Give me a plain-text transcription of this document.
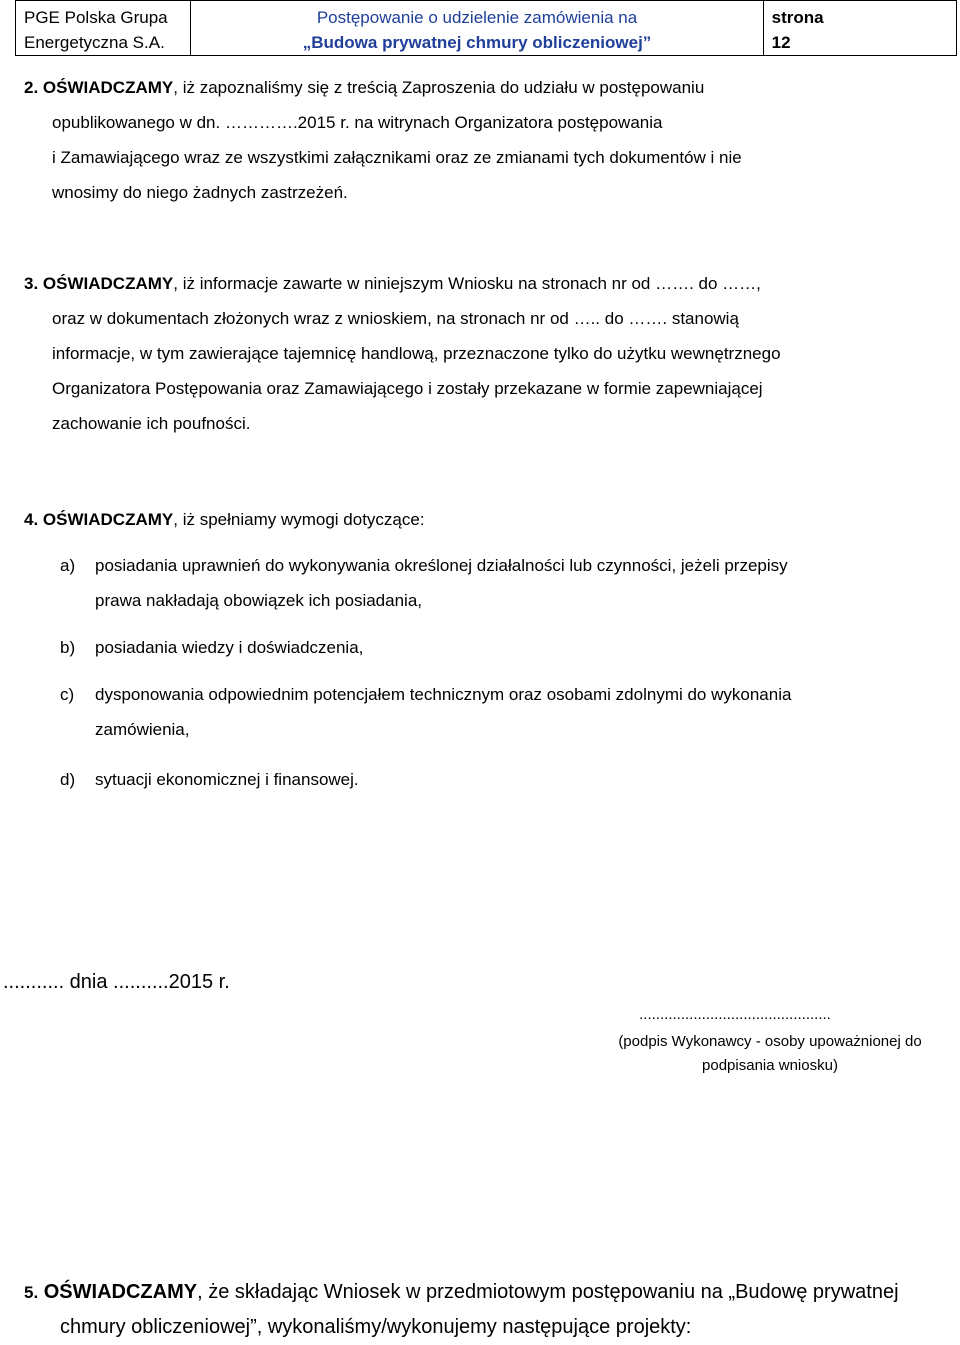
PGE Polska Grupa
Energetyczna S.A.

Postępowanie o udzielenie zamówienia na
„Budowa prywatnej chmury obliczeniowej”

strona
12
2. OŚWIADCZAMY, iż zapoznaliśmy się z treścią Zaproszenia do udziału w postępowaniu
opublikowanego w dn. ………….2015 r. na witrynach Organizatora postępowania
i Zamawiającego wraz ze wszystkimi załącznikami oraz ze zmianami tych dokumentów i nie
wnosimy do niego żadnych zastrzeżeń.
3. OŚWIADCZAMY, iż informacje zawarte w niniejszym Wniosku na stronach nr od ……. do ……,
oraz w dokumentach złożonych wraz z wnioskiem, na stronach nr od ….. do ……. stanowią
informacje, w tym zawierające tajemnicę handlową, przeznaczone tylko do użytku wewnętrznego
Organizatora Postępowania oraz Zamawiającego i zostały przekazane w formie zapewniającej
zachowanie ich poufności.
4. OŚWIADCZAMY, iż spełniamy wymogi dotyczące:
a) posiadania uprawnień do wykonywania określonej działalności lub czynności, jeżeli przepisy
prawa nakładają obowiązek ich posiadania,
b) posiadania wiedzy i doświadczenia,
c) dysponowania odpowiednim potencjałem technicznym oraz osobami zdolnymi do wykonania
zamówienia,
d) sytuacji ekonomicznej i finansowej.
........... dnia ..........2015 r.
..............................................
(podpis Wykonawcy - osoby upoważnionej do
podpisania wniosku)
5. OŚWIADCZAMY, że składając Wniosek w przedmiotowym postępowaniu na „Budowę prywatnej
chmury obliczeniowej”, wykonaliśmy/wykonujemy następujące projekty:
